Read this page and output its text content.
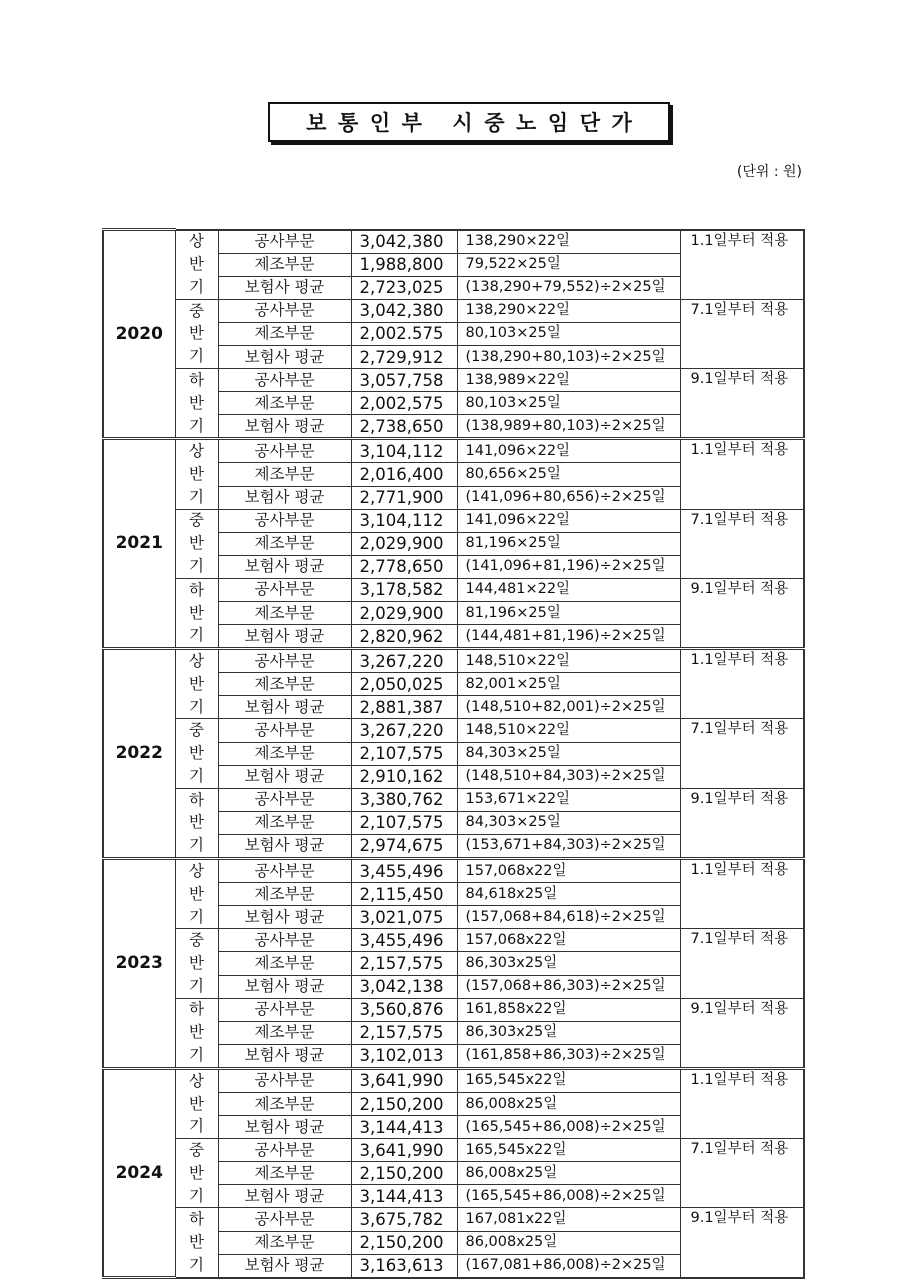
보통인부 시중노임단가
(단위 : 원)
2020	상	공사부문	3,042,380	138,290×22일	1.1일부터 적용
	반	제조부문	1,988,800	79,522×25일	
	기	보험사 평균	2,723,025	(138,290+79,552)÷2×25일	
	중	공사부문	3,042,380	138,290×22일	7.1일부터 적용
	반	제조부문	2,002.575	80,103×25일	
	기	보험사 평균	2,729,912	(138,290+80,103)÷2×25일	
	하	공사부문	3,057,758	138,989×22일	9.1일부터 적용
	반	제조부문	2,002,575	80,103×25일	
	기	보험사 평균	2,738,650	(138,989+80,103)÷2×25일	
2021	상	공사부문	3,104,112	141,096×22일	1.1일부터 적용
	반	제조부문	2,016,400	80,656×25일	
	기	보험사 평균	2,771,900	(141,096+80,656)÷2×25일	
	중	공사부문	3,104,112	141,096×22일	7.1일부터 적용
	반	제조부문	2,029,900	81,196×25일	
	기	보험사 평균	2,778,650	(141,096+81,196)÷2×25일	
	하	공사부문	3,178,582	144,481×22일	9.1일부터 적용
	반	제조부문	2,029,900	81,196×25일	
	기	보험사 평균	2,820,962	(144,481+81,196)÷2×25일	
2022	상	공사부문	3,267,220	148,510×22일	1.1일부터 적용
	반	제조부문	2,050,025	82,001×25일	
	기	보험사 평균	2,881,387	(148,510+82,001)÷2×25일	
	중	공사부문	3,267,220	148,510×22일	7.1일부터 적용
	반	제조부문	2,107,575	84,303×25일	
	기	보험사 평균	2,910,162	(148,510+84,303)÷2×25일	
	하	공사부문	3,380,762	153,671×22일	9.1일부터 적용
	반	제조부문	2,107,575	84,303×25일	
	기	보험사 평균	2,974,675	(153,671+84,303)÷2×25일	
2023	상	공사부문	3,455,496	157,068x22일	1.1일부터 적용
	반	제조부문	2,115,450	84,618x25일	
	기	보험사 평균	3,021,075	(157,068+84,618)÷2×25일	
	중	공사부문	3,455,496	157,068x22일	7.1일부터 적용
	반	제조부문	2,157,575	86,303x25일	
	기	보험사 평균	3,042,138	(157,068+86,303)÷2×25일	
	하	공사부문	3,560,876	161,858x22일	9.1일부터 적용
	반	제조부문	2,157,575	86,303x25일	
	기	보험사 평균	3,102,013	(161,858+86,303)÷2×25일	
2024	상	공사부문	3,641,990	165,545x22일	1.1일부터 적용
	반	제조부문	2,150,200	86,008x25일	
	기	보험사 평균	3,144,413	(165,545+86,008)÷2×25일	
	중	공사부문	3,641,990	165,545x22일	7.1일부터 적용
	반	제조부문	2,150,200	86,008x25일	
	기	보험사 평균	3,144,413	(165,545+86,008)÷2×25일	
	하	공사부문	3,675,782	167,081x22일	9.1일부터 적용
	반	제조부문	2,150,200	86,008x25일	
	기	보험사 평균	3,163,613	(167,081+86,008)÷2×25일	
